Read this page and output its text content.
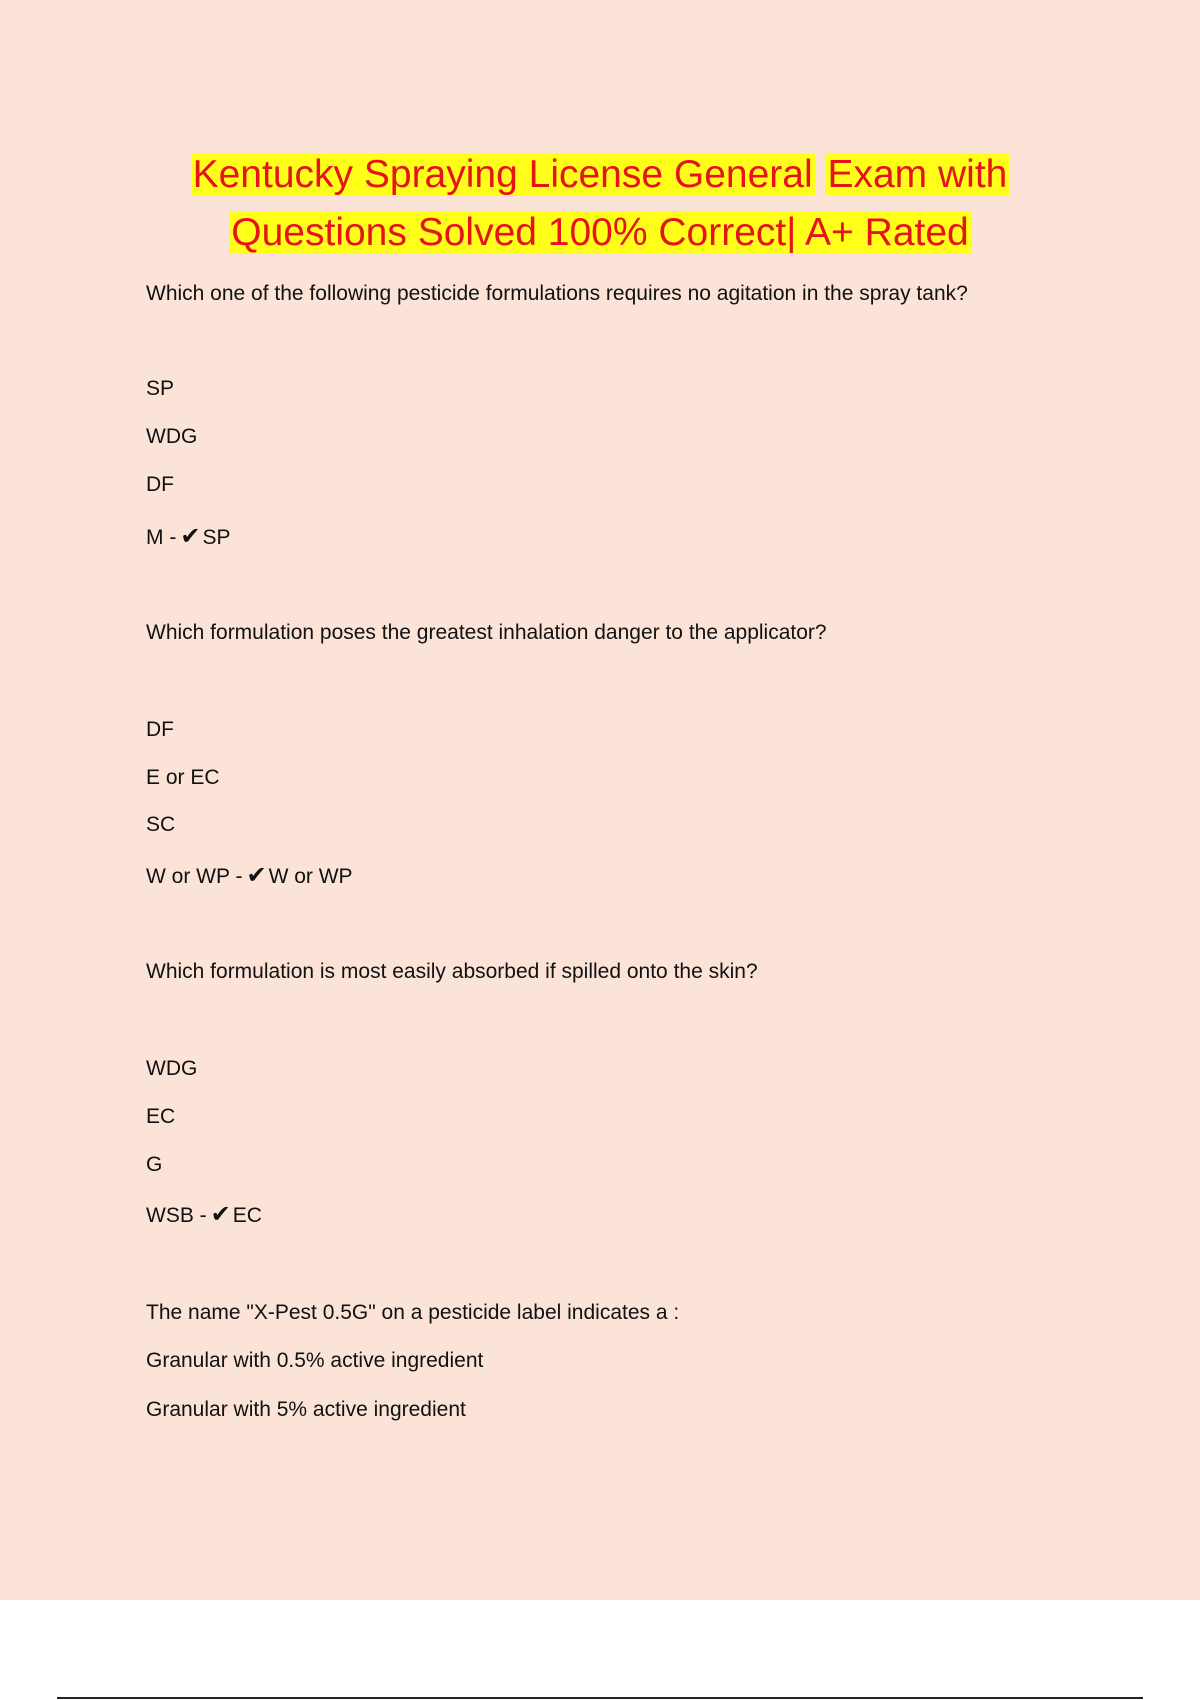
Kentucky Spraying License General Exam with
Questions Solved 100% Correct| A+ Rated
Which one of the following pesticide formulations requires no agitation in the spray tank?
SP
WDG
DF
M - ✔SP
Which formulation poses the greatest inhalation danger to the applicator?
DF
E or EC
SC
W or WP - ✔W or WP
Which formulation is most easily absorbed if spilled onto the skin?
WDG
EC
G
WSB - ✔EC
The name "X-Pest 0.5G" on a pesticide label indicates a :
Granular with 0.5% active ingredient
Granular with 5% active ingredient
